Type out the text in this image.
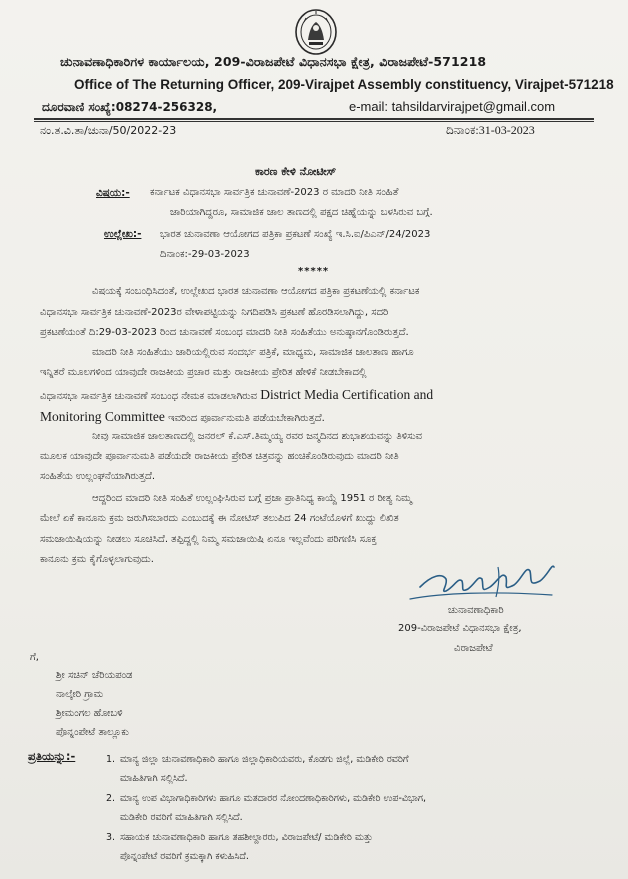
ಚುನಾವಣಾಧಿಕಾರಿಗಳ ಕಾರ್ಯಾಲಯ, 209-ವಿರಾಜಪೇಟೆ ವಿಧಾನಸಭಾ ಕ್ಷೇತ್ರ, ವಿರಾಜಪೇಟೆ-571218
Office of The Returning Officer, 209-Virajpet Assembly constituency, Virajpet-571218
ದೂರವಾಣಿ ಸಂಖ್ಯೆ:08274-256328,	e-mail: tahsildarvirajpet@gmail.com
ನಂ.ತ.ವಿ.ತಾ/ಚುನಾ/50/2022-23	ದಿನಾಂಕ:31-03-2023
ಕಾರಣ ಕೇಳಿ ನೋಟೀಸ್
ವಿಷಯ:- ಕರ್ನಾಟಕ ವಿಧಾನಸಭಾ ಸಾರ್ವತ್ರಿಕ ಚುನಾವಣೆ-2023 ರ ಮಾದರಿ ನೀತಿ ಸಂಹಿತೆ
ಜಾರಿಯಾಗಿದ್ದರೂ, ಸಾಮಾಜಿಕ ಜಾಲ ತಾಣದಲ್ಲಿ ಪಕ್ಷದ ಚಿಹ್ನೆಯನ್ನು ಬಳಸಿರುವ ಬಗ್ಗೆ.
ಉಲ್ಲೇಖ:- ಭಾರತ ಚುನಾವಣಾ ಆಯೋಗದ ಪತ್ರಿಕಾ ಪ್ರಕಟಣೆ ಸಂಖ್ಯೆ ಇ.ಸಿ.ಐ/ಪಿಎನ್/24/2023
ದಿನಾಂಕ:-29-03-2023
*****
ವಿಷಯಕ್ಕೆ ಸಂಬಂಧಿಸಿದಂತೆ, ಉಲ್ಲೇಖದ ಭಾರತ ಚುನಾವಣಾ ಆಯೋಗದ ಪತ್ರಿಕಾ ಪ್ರಕಟಣೆಯಲ್ಲಿ ಕರ್ನಾಟಕ
ವಿಧಾನಸಭಾ ಸಾರ್ವತ್ರಿಕ ಚುನಾವಣೆ-2023ರ ವೇಳಾಪಟ್ಟಿಯನ್ನು ನಿಗದಿಪಡಿಸಿ ಪ್ರಕಟಣೆ ಹೊರಡಿಸಲಾಗಿದ್ದು, ಸದರಿ
ಪ್ರಕಟಣೆಯಂತೆ ದಿ:29-03-2023 ರಿಂದ ಚುನಾವಣೆ ಸಂಬಂಧ ಮಾದರಿ ನೀತಿ ಸಂಹಿತೆಯು ಅನುಷ್ಠಾನಗೊಂಡಿರುತ್ತದೆ.
ಮಾದರಿ ನೀತಿ ಸಂಹಿತೆಯು ಜಾರಿಯಲ್ಲಿರುವ ಸಂದರ್ಭ ಪತ್ರಿಕೆ, ಮಾಧ್ಯಮ, ಸಾಮಾಜಿಕ ಜಾಲತಾಣ ಹಾಗೂ
ಇನ್ನಿತರೆ ಮೂಲಗಳಿಂದ ಯಾವುದೇ ರಾಜಕೀಯ ಪ್ರಚಾರ ಮತ್ತು ರಾಜಕೀಯ ಪ್ರೇರಿತ ಹೇಳಿಕೆ ನೀಡಬೇಕಾದಲ್ಲಿ
ವಿಧಾನಸಭಾ ಸಾರ್ವತ್ರಿಕ ಚುನಾವಣೆ ಸಂಬಂಧ ನೇಮಕ ಮಾಡಲಾಗಿರುವ District Media Certification and
Monitoring Committee ಇವರಿಂದ ಪೂರ್ವಾನುಮತಿ ಪಡೆಯಬೇಕಾಗಿರುತ್ತದೆ.
ನೀವು ಸಾಮಾಜಿಕ ಜಾಲತಾಣದಲ್ಲಿ ಜನರಲ್ ಕೆ.ಎಸ್.ತಿಮ್ಮಯ್ಯ ರವರ ಜನ್ಮದಿನದ ಶುಭಾಶಯವನ್ನು ತಿಳಿಸುವ
ಮೂಲಕ ಯಾವುದೇ ಪೂರ್ವಾನುಮತಿ ಪಡೆಯದೇ ರಾಜಕೀಯ ಪ್ರೇರಿತ ಚಿತ್ರವನ್ನು ಹಂಚಿಕೊಂಡಿರುವುದು ಮಾದರಿ ನೀತಿ
ಸಂಹಿತೆಯ ಉಲ್ಲಂಘನೆಯಾಗಿರುತ್ತದೆ.
ಆದ್ದರಿಂದ ಮಾದರಿ ನೀತಿ ಸಂಹಿತೆ ಉಲ್ಲಂಘಿಸಿರುವ ಬಗ್ಗೆ ಪ್ರಜಾ ಪ್ರಾತಿನಿಧ್ಯ ಕಾಯ್ದೆ 1951 ರ ರೀತ್ಯ ನಿಮ್ಮ
ಮೇಲೆ ಏಕೆ ಕಾನೂನು ಕ್ರಮ ಜರುಗಿಸಬಾರದು ಎಂಬುದಕ್ಕೆ ಈ ನೋಟಿಸ್ ತಲುಪಿದ 24 ಗಂಟೆಯೊಳಗೆ ಖುದ್ದು ಲಿಖಿತ
ಸಮಜಾಯಿಷಿಯನ್ನು ನೀಡಲು ಸೂಚಿಸಿದೆ. ತಪ್ಪಿದ್ದಲ್ಲಿ ನಿಮ್ಮ ಸಮಜಾಯಿಷಿ ಏನೂ ಇಲ್ಲವೆಂದು ಪರಿಗಣಿಸಿ ಸೂಕ್ತ
ಕಾನೂನು ಕ್ರಮ ಕೈಗೊಳ್ಳಲಾಗುವುದು.
ಚುನಾವಣಾಧಿಕಾರಿ
209-ವಿರಾಜಪೇಟೆ ವಿಧಾನಸಭಾ ಕ್ಷೇತ್ರ,
ವಿರಾಜಪೇಟೆ
ಗೆ,
ಶ್ರೀ ಸಚಿನ್ ಚೆರಿಯಪಂಡ
ನಾಲ್ಕೇರಿ ಗ್ರಾಮ
ಶ್ರೀಮಂಗಲ ಹೋಬಳಿ
ಪೊನ್ನಂಪೇಟೆ ತಾಲ್ಲೂಕು
ಪ್ರತಿಯನ್ನು:-	1. ಮಾನ್ಯ ಜಿಲ್ಲಾ ಚುನಾವಣಾಧಿಕಾರಿ ಹಾಗೂ ಜಿಲ್ಲಾಧಿಕಾರಿಯವರು, ಕೊಡಗು ಜಿಲ್ಲೆ, ಮಡಿಕೇರಿ ರವರಿಗೆ
ಮಾಹಿತಿಗಾಗಿ ಸಲ್ಲಿಸಿದೆ.
2. ಮಾನ್ಯ ಉಪ ವಿಭಾಗಾಧಿಕಾರಿಗಳು ಹಾಗೂ ಮತದಾರರ ನೋಂದಣಾಧಿಕಾರಿಗಳು, ಮಡಿಕೇರಿ ಉಪ-ವಿಭಾಗ,
ಮಡಿಕೇರಿ ರವರಿಗೆ ಮಾಹಿತಿಗಾಗಿ ಸಲ್ಲಿಸಿದೆ.
3. ಸಹಾಯಕ ಚುನಾವಣಾಧಿಕಾರಿ ಹಾಗೂ ತಹಶೀಲ್ದಾರರು, ವಿರಾಜಪೇಟೆ/ ಮಡಿಕೇರಿ ಮತ್ತು
ಪೊನ್ನಂಪೇಟೆ ರವರಿಗೆ ಕ್ರಮಕ್ಕಾಗಿ ಕಳುಹಿಸಿದೆ.
